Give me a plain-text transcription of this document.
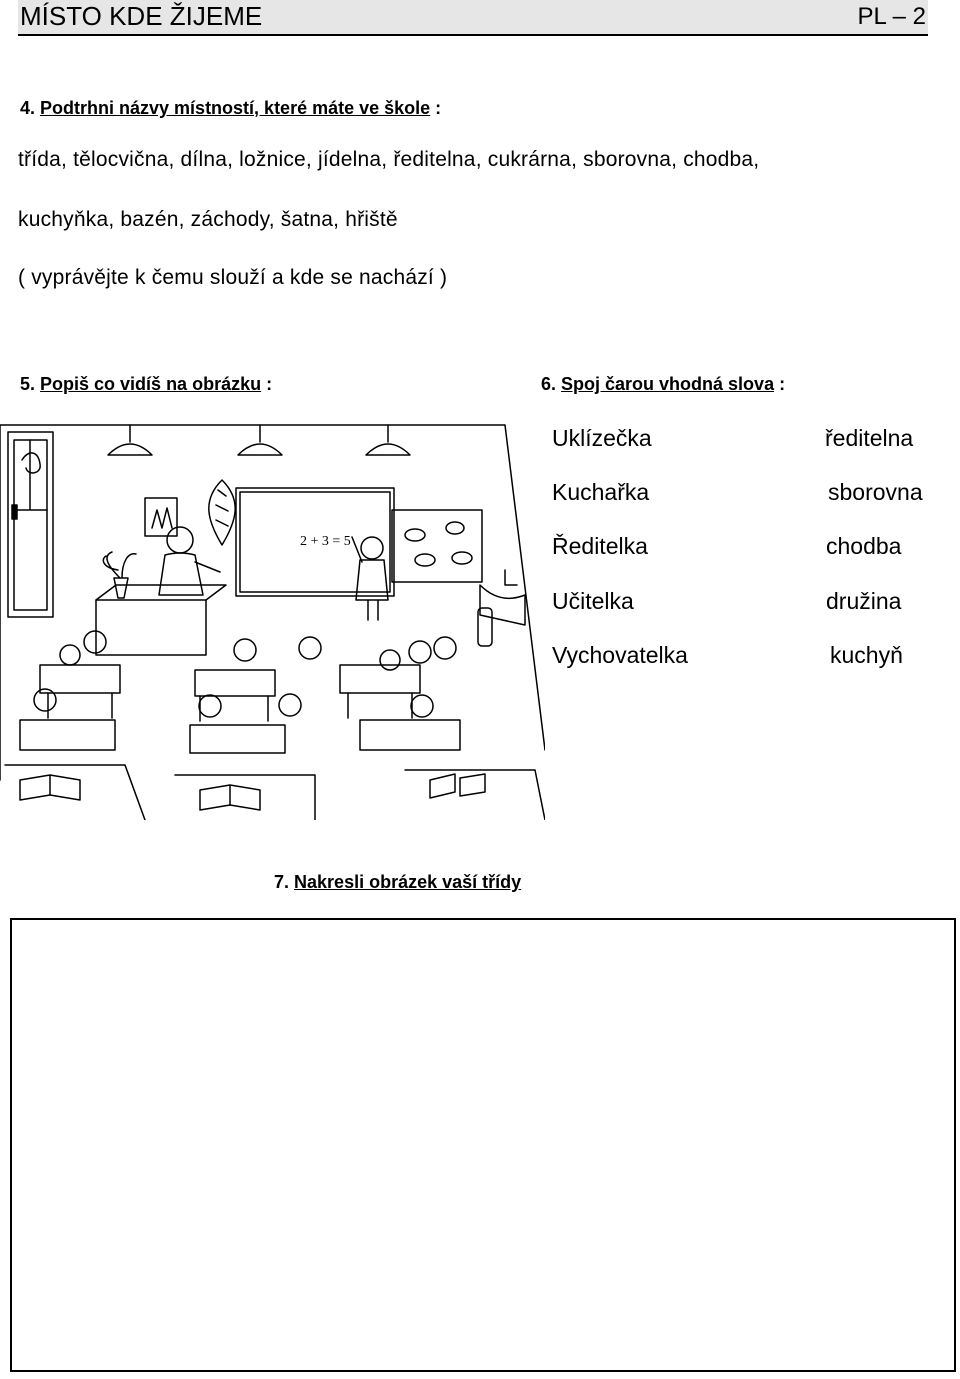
MÍSTO KDE ŽIJEME	PL – 2
4. Podtrhni názvy místností, které máte ve škole :
třída, tělocvična, dílna, ložnice, jídelna, ředitelna, cukrárna, sborovna, chodba,
kuchyňka, bazén, záchody, šatna, hřiště
( vyprávějte k čemu slouží a kde se nachází )
5. Popiš co vidíš na obrázku :	6. Spoj čarou vhodná slova :
2 + 3 = 5
Uklízečka
Kuchařka
Ředitelka
Učitelka
Vychovatelka
ředitelna
sborovna
chodba
družina
kuchyň
7. Nakresli obrázek vaší třídy
